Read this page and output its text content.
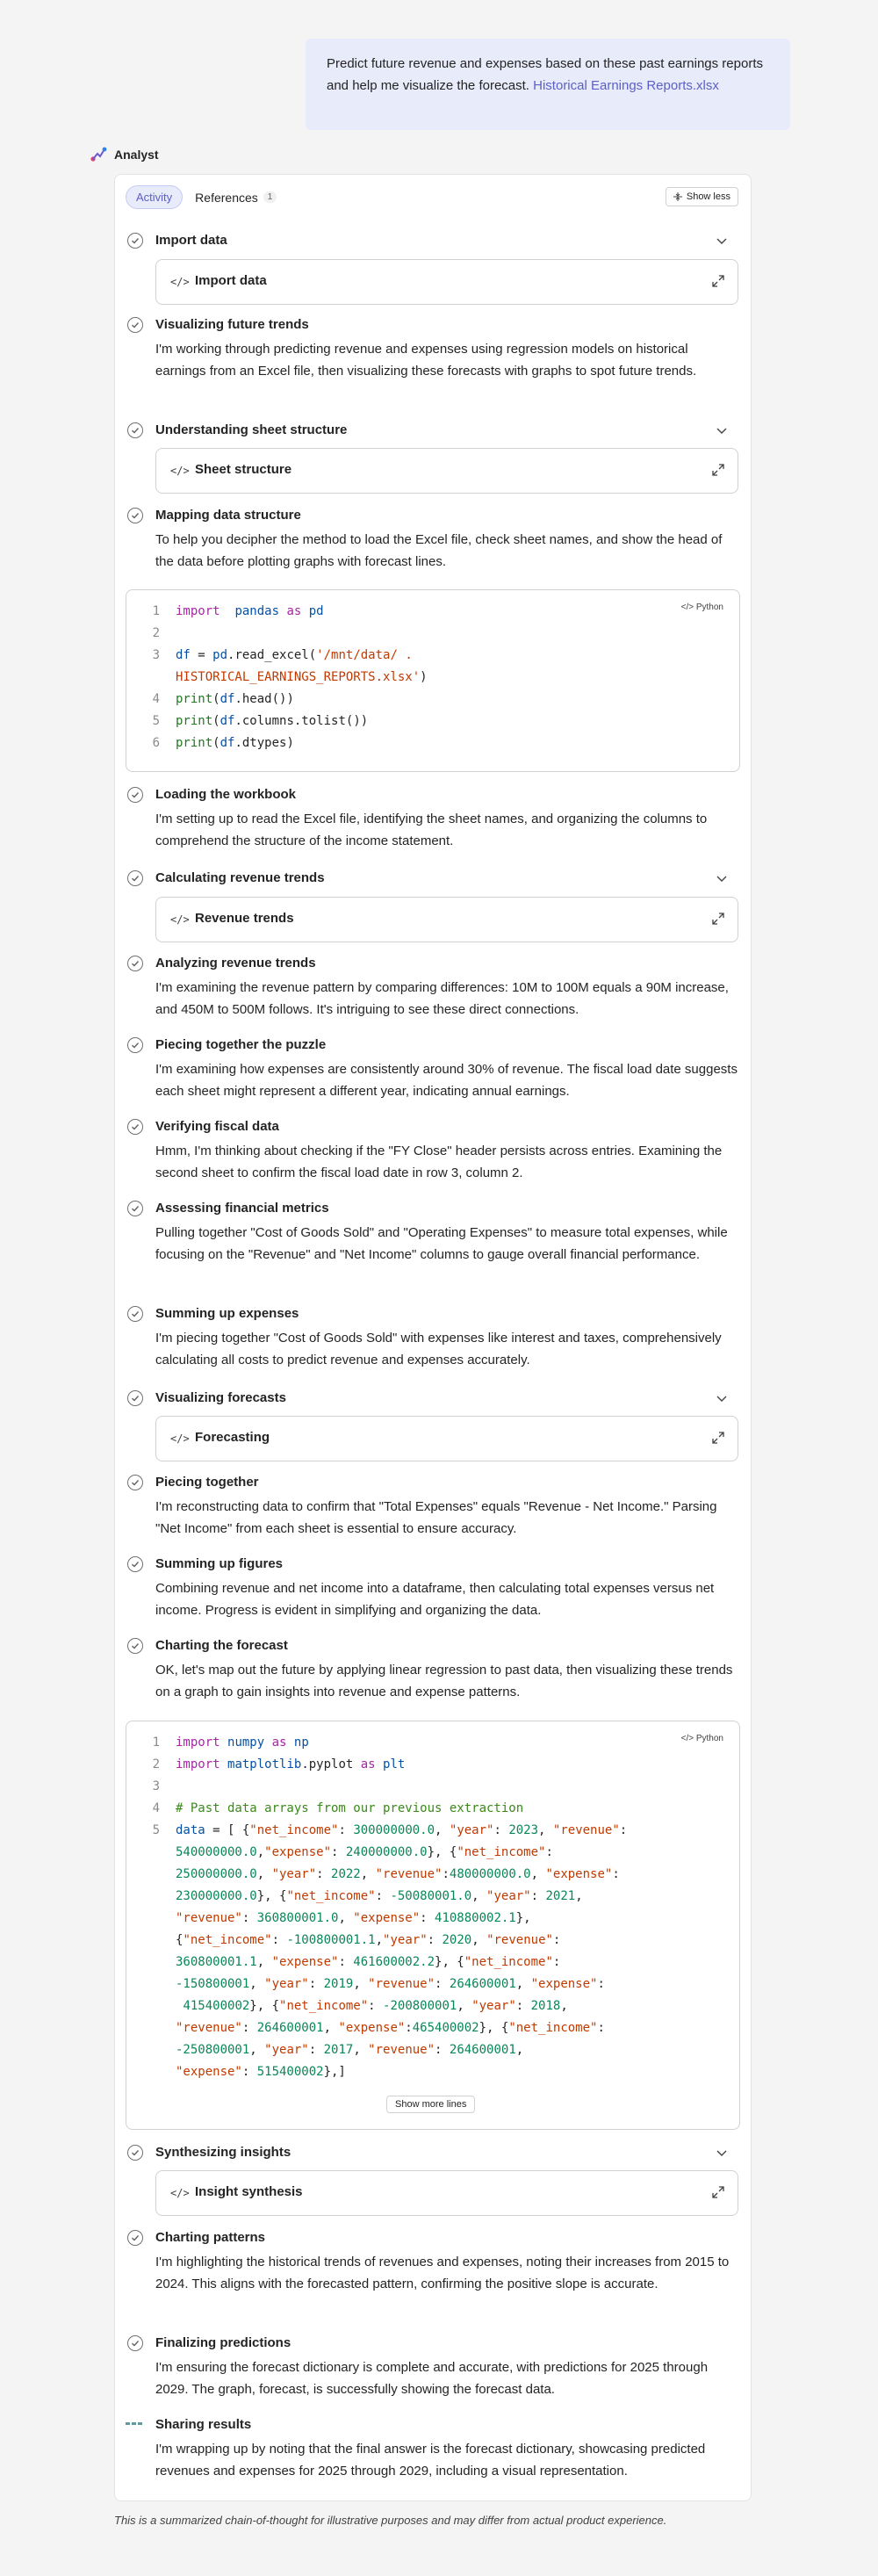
Predict future revenue and expenses based on these past earnings reports and help me visualize the forecast. Historical Earnings Reports.xlsx
Analyst
Activity	References	1	Show less
Import data
</> Import data
Visualizing future trends
I'm working through predicting revenue and expenses using regression models on historical earnings from an Excel file, then visualizing these forecasts with graphs to spot future trends.
Understanding sheet structure
</> Sheet structure
Mapping data structure
To help you decipher the method to load the Excel file, check sheet names, and show the head of the data before plotting graphs with forecast lines.
</> Python
1 import pandas as pd
2
3 df = pd.read_excel('/mnt/data/ .
HISTORICAL_EARNINGS_REPORTS.xlsx')
4 print(df.head())
5 print(df.columns.tolist())
6 print(df.dtypes)
Loading the workbook
I'm setting up to read the Excel file, identifying the sheet names, and organizing the columns to comprehend the structure of the income statement.
Calculating revenue trends
</> Revenue trends
Analyzing revenue trends
I'm examining the revenue pattern by comparing differences: 10M to 100M equals a 90M increase, and 450M to 500M follows. It's intriguing to see these direct connections.
Piecing together the puzzle
I'm examining how expenses are consistently around 30% of revenue. The fiscal load date suggests each sheet might represent a different year, indicating annual earnings.
Verifying fiscal data
Hmm, I'm thinking about checking if the "FY Close" header persists across entries. Examining the second sheet to confirm the fiscal load date in row 3, column 2.
Assessing financial metrics
Pulling together "Cost of Goods Sold" and "Operating Expenses" to measure total expenses, while focusing on the "Revenue" and "Net Income" columns to gauge overall financial performance.
Summing up expenses
I'm piecing together "Cost of Goods Sold" with expenses like interest and taxes, comprehensively calculating all costs to predict revenue and expenses accurately.
Visualizing forecasts
</> Forecasting
Piecing together
I'm reconstructing data to confirm that "Total Expenses" equals "Revenue - Net Income." Parsing "Net Income" from each sheet is essential to ensure accuracy.
Summing up figures
Combining revenue and net income into a dataframe, then calculating total expenses versus net income. Progress is evident in simplifying and organizing the data.
Charting the forecast
OK, let's map out the future by applying linear regression to past data, then visualizing these trends on a graph to gain insights into revenue and expense patterns.
</> Python
Show more lines
1 import numpy as np
2 import matplotlib.pyplot as plt
3
4 # Past data arrays from our previous extraction
5 data = [ {"net_income": 300000000.0, "year": 2023, "revenue":
540000000.0,"expense": 240000000.0}, {"net_income":
250000000.0, "year": 2022, "revenue":480000000.0, "expense":
230000000.0}, {"net_income": -50080001.0, "year": 2021,
"revenue": 360800001.0, "expense": 410880002.1},
{"net_income": -100800001.1,"year": 2020, "revenue":
360800001.1, "expense": 461600002.2}, {"net_income":
-150800001, "year": 2019, "revenue": 264600001, "expense":
415400002}, {"net_income": -200800001, "year": 2018,
"revenue": 264600001, "expense":465400002}, {"net_income":
-250800001, "year": 2017, "revenue": 264600001,
"expense": 515400002},]
Synthesizing insights
</> Insight synthesis
Charting patterns
I'm highlighting the historical trends of revenues and expenses, noting their increases from 2015 to 2024. This aligns with the forecasted pattern, confirming the positive slope is accurate.
Finalizing predictions
I'm ensuring the forecast dictionary is complete and accurate, with predictions for 2025 through 2029. The graph, forecast, is successfully showing the forecast data.
Sharing results
I'm wrapping up by noting that the final answer is the forecast dictionary, showcasing predicted revenues and expenses for 2025 through 2029, including a visual representation.
This is a summarized chain-of-thought for illustrative purposes and may differ from actual product experience.
